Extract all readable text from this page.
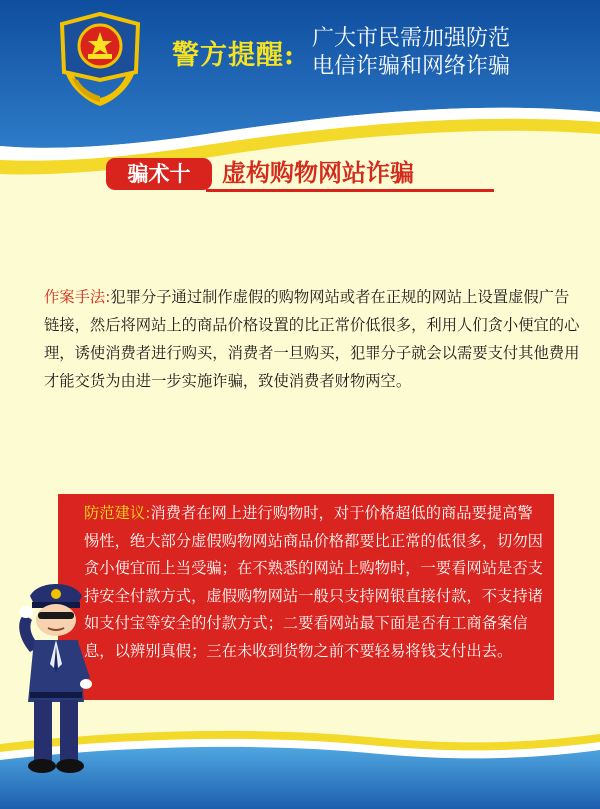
警方提醒:
广大市民需加强防范
电信诈骗和网络诈骗
骗术十	虚构购物网站诈骗
作案手法:犯罪分子通过制作虚假的购物网站或者在正规的网站上设置虚假广告链接，然后将网站上的商品价格设置的比正常价低很多，利用人们贪小便宜的心理，诱使消费者进行购买，消费者一旦购买，犯罪分子就会以需要支付其他费用才能交货为由进一步实施诈骗，致使消费者财物两空。
防范建议:消费者在网上进行购物时，对于价格超低的商品要提高警惕性，绝大部分虚假购物网站商品价格都要比正常的低很多，切勿因贪小便宜而上当受骗；在不熟悉的网站上购物时，一要看网站是否支持安全付款方式，虚假购物网站一般只支持网银直接付款，不支持诸如支付宝等安全的付款方式；二要看网站最下面是否有工商备案信息，以辨别真假；三在未收到货物之前不要轻易将钱支付出去。
